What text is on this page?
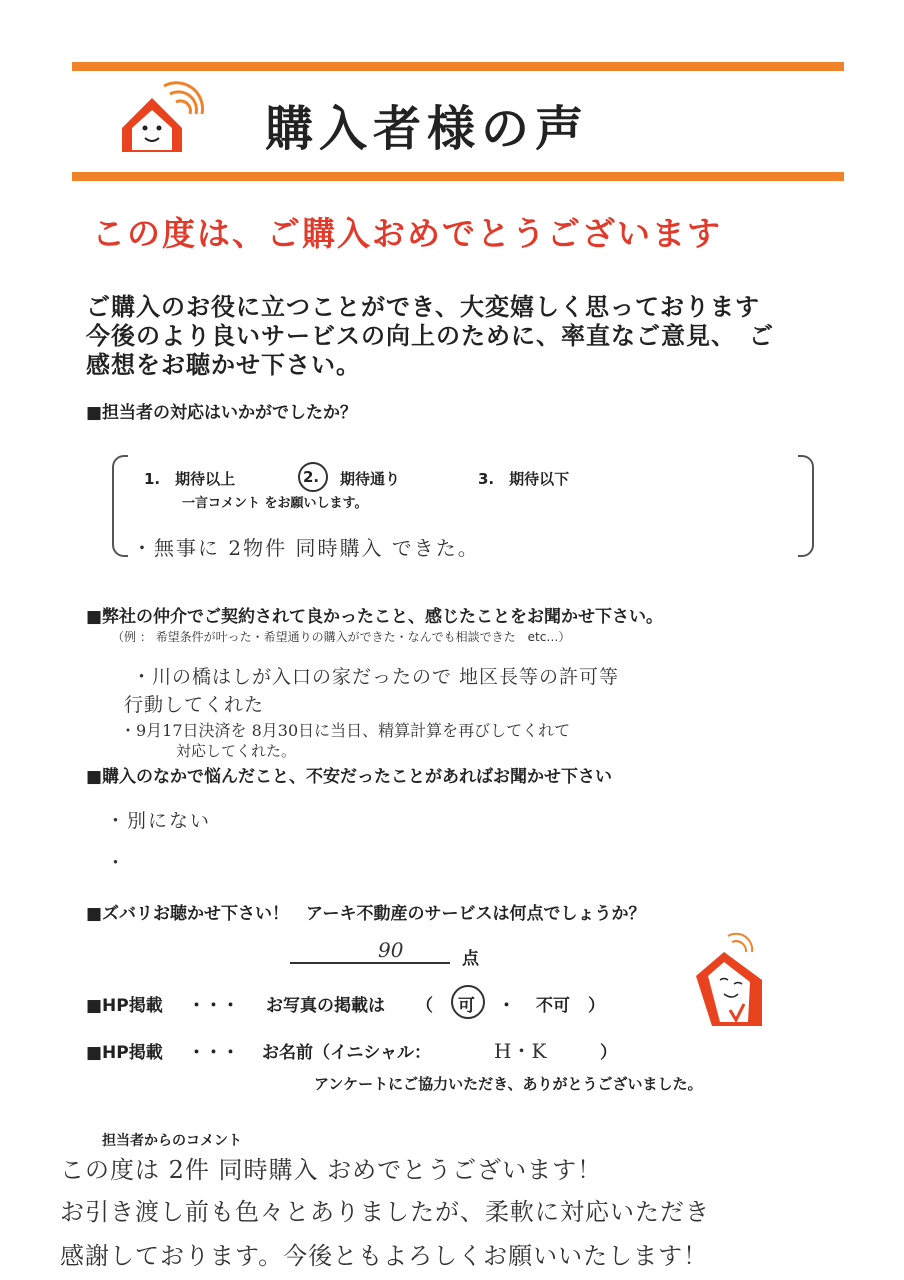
購入者様の声
この度は、ご購入おめでとうございます
ご購入のお役に立つことができ、大変嬉しく思っております
今後のより良いサービスの向上のために、率直なご意見、　ご
感想をお聴かせ下さい。
■担当者の対応はいかがでしたか？
1.　期待以上	2. 期待通り	3.　期待以下
一言コメント をお願いします。
・無事に 2物件 同時購入 できた。
■弊社の仲介でご契約されて良かったこと、感じたことをお聞かせ下さい。
（例 ： 希望条件が叶った・希望通りの購入ができた・なんでも相談できた　etc…）
・川の橋はしが入口の家だったので 地区長等の許可等
行動してくれた
・9月17日決済を 8月30日に当日、精算計算を再びしてくれて
対応してくれた。
■購入のなかで悩んだこと、不安だったことがあればお聞かせ下さい
・別にない
・
■ズバリお聴かせ下さい！　アーキ不動産のサービスは何点でしょうか？
90	点
■HP掲載 ・・・ お写真の掲載は （ 可 ・ 不可 ）
■HP掲載 ・・・ お名前（イニシャル：	H・K	）
アンケートにご協力いただき、ありがとうございました。
担当者からのコメント
この度は 2件 同時購入 おめでとうございます！
お引き渡し前も色々とありましたが、柔軟に対応いただき
感謝しております。今後ともよろしくお願いいたします！
